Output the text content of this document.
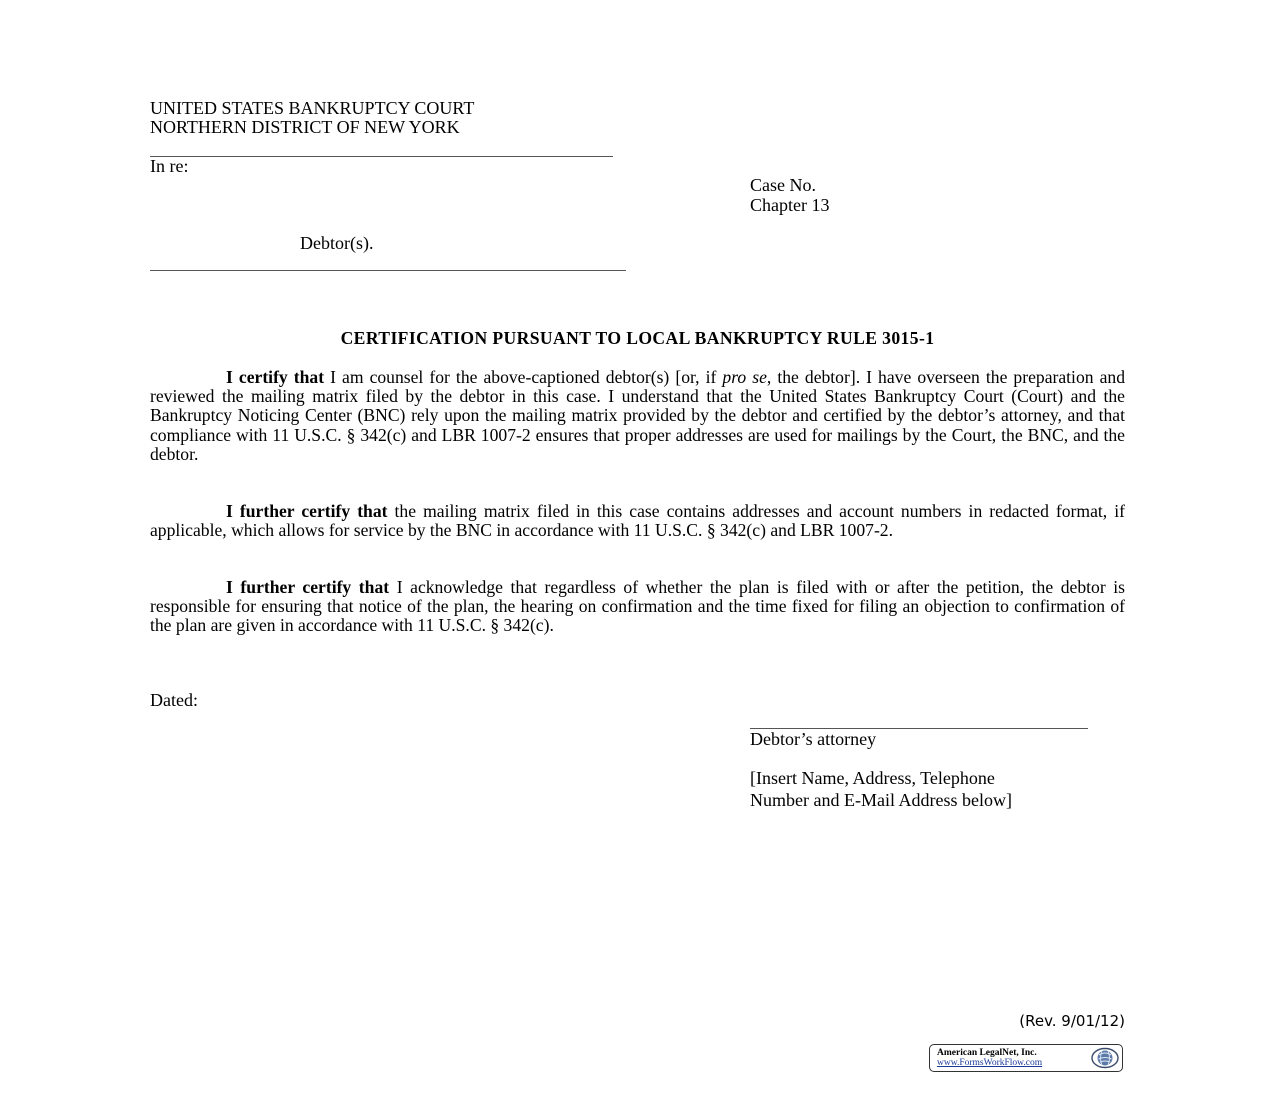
UNITED STATES BANKRUPTCY COURT
NORTHERN DISTRICT OF NEW YORK
In re:
Case No.
Chapter 13
Debtor(s).
CERTIFICATION PURSUANT TO LOCAL BANKRUPTCY RULE 3015-1
I certify that I am counsel for the above-captioned debtor(s) [or, if pro se, the debtor]. I have overseen the preparation and reviewed the mailing matrix filed by the debtor in this case. I understand that the United States Bankruptcy Court (Court) and the Bankruptcy Noticing Center (BNC) rely upon the mailing matrix provided by the debtor and certified by the debtor’s attorney, and that compliance with 11 U.S.C. § 342(c) and LBR 1007-2 ensures that proper addresses are used for mailings by the Court, the BNC, and the debtor.
I further certify that the mailing matrix filed in this case contains addresses and account numbers in redacted format, if applicable, which allows for service by the BNC in accordance with 11 U.S.C. § 342(c) and LBR 1007-2.
I further certify that I acknowledge that regardless of whether the plan is filed with or after the petition, the debtor is responsible for ensuring that notice of the plan, the hearing on confirmation and the time fixed for filing an objection to confirmation of the plan are given in accordance with 11 U.S.C. § 342(c).
Dated:
Debtor’s attorney
[Insert Name, Address, Telephone
Number and E-Mail Address below]
(Rev. 9/01/12)
American LegalNet, Inc.
www.FormsWorkFlow.com
